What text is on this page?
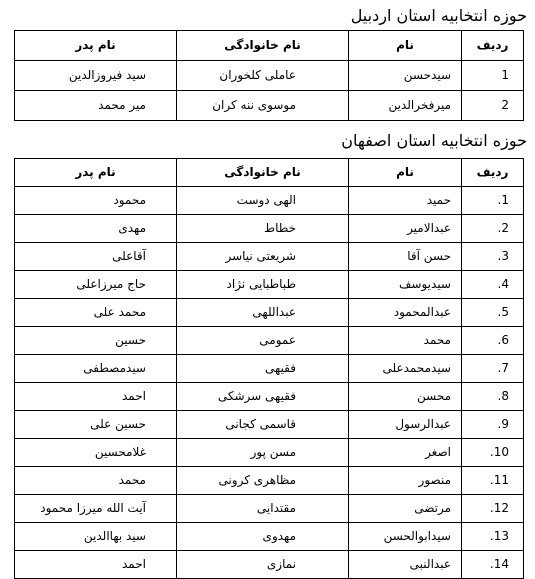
حوزه انتخابیه استان اردبیل
ردیف	نام	نام خانوادگی	نام پدر
1	سیدحسن	عاملی کلخوران	سید فیروزالدین
2	میرفخرالدین	موسوی ننه کران	میر محمد
حوزه انتخابیه استان اصفهان
ردیف	نام	نام خانوادگی	نام پدر
1.	حمید	الهی دوست	محمود
2.	عبدالامیر	خطاط	مهدی
3.	حسن آقا	شریعتی نیاسر	آقاعلی
4.	سیدیوسف	طباطبایی نژاد	حاج میرزاعلی
5.	عبدالمحمود	عبداللهی	محمد علی
6.	محمد	عمومی	حسین
7.	سیدمحمدعلی	فقیهی	سیدمصطفی
8.	محسن	فقیهی سرشکی	احمد
9.	عبدالرسول	قاسمی کجانی	حسین علی
10.	اصغر	مسن پور	غلامحسین
11.	منصور	مظاهری کرونی	محمد
12.	مرتضی	مقتدایی	آیت الله میرزا محمود
13.	سیدابوالحسن	مهدوی	سید بهاالدین
14.	عبدالنبی	نمازی	احمد
